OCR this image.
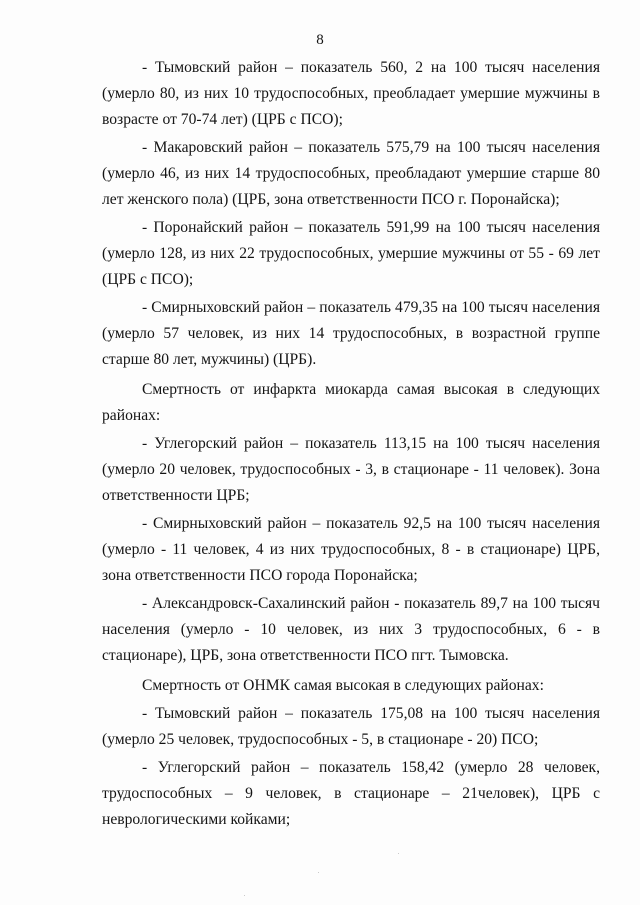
8

- Тымовский район – показатель 560, 2 на 100 тысяч населения (умерло 80, из них 10 трудоспособных, преобладает умершие мужчины в возрасте от 70-74 лет) (ЦРБ с ПСО);

- Макаровский район – показатель 575,79 на 100 тысяч населения (умерло 46, из них 14 трудоспособных, преобладают умершие старше 80 лет женского пола) (ЦРБ, зона ответственности ПСО г. Поронайска);

- Поронайский район – показатель 591,99 на 100 тысяч населения (умерло 128, из них 22 трудоспособных, умершие мужчины от 55 - 69 лет (ЦРБ с ПСО);

- Смирныховский район – показатель 479,35 на 100 тысяч населения (умерло 57 человек, из них 14 трудоспособных, в возрастной группе старше 80 лет, мужчины) (ЦРБ).

Смертность от инфаркта миокарда самая высокая в следующих районах:

- Углегорский район – показатель 113,15 на 100 тысяч населения (умерло 20 человек, трудоспособных - 3, в стационаре - 11 человек). Зона ответственности ЦРБ;

- Смирныховский район – показатель 92,5 на 100 тысяч населения (умерло - 11 человек, 4 из них трудоспособных, 8 - в стационаре) ЦРБ, зона ответственности ПСО города Поронайска;

- Александровск-Сахалинский район - показатель 89,7 на 100 тысяч населения (умерло - 10 человек, из них 3 трудоспособных, 6 - в стационаре), ЦРБ, зона ответственности ПСО пгт. Тымовска.

Смертность от ОНМК самая высокая в следующих районах:

- Тымовский район – показатель 175,08 на 100 тысяч населения (умерло 25 человек, трудоспособных - 5, в стационаре - 20) ПСО;

- Углегорский район – показатель 158,42 (умерло 28 человек, трудоспособных – 9 человек, в стационаре – 21человек), ЦРБ с неврологическими койками;
